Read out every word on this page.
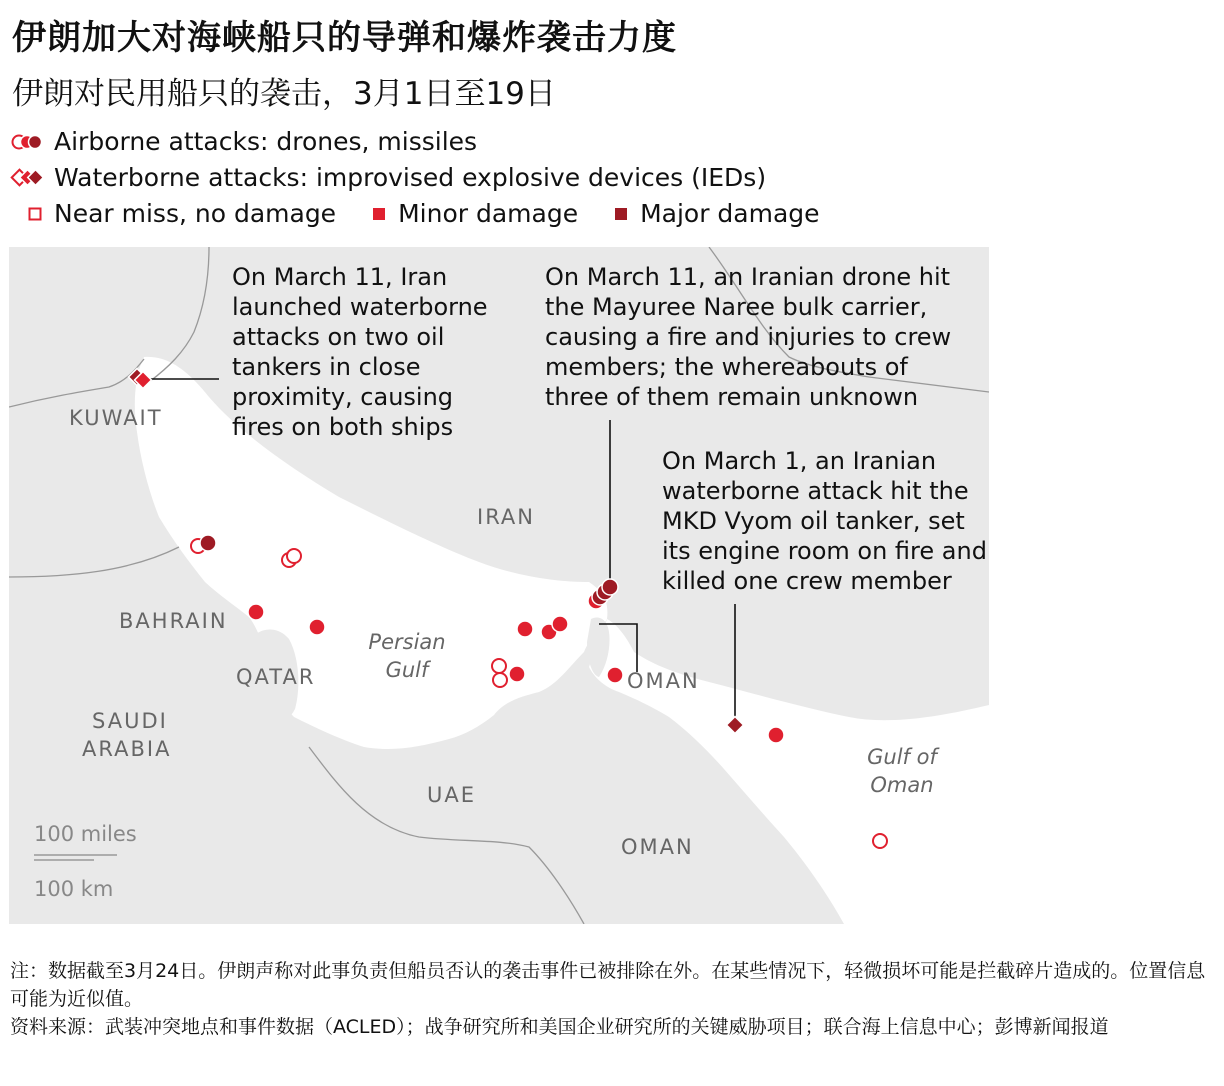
伊朗加大对海峡船只的导弹和爆炸袭击力度
伊朗对民用船只的袭击，3月1日至19日
Airborne attacks: drones, missiles
Waterborne attacks: improvised explosive devices (IEDs)
Near miss, no damage Minor damage Major damage
KUWAIT
IRAN
BAHRAIN
QATAR
SAUDI
ARABIA
UAE
OMAN
OMAN
Persian
Gulf
Gulf of
Oman
100 miles
100 km
On March 11, Iran
launched waterborne
attacks on two oil
tankers in close
proximity, causing
fires on both ships
On March 11, an Iranian drone hit
the Mayuree Naree bulk carrier,
causing a fire and injuries to crew
members; the whereabouts of
three of them remain unknown
On March 1, an Iranian
waterborne attack hit the
MKD Vyom oil tanker, set
its engine room on fire and
killed one crew member

注：数据截至3月24日。伊朗声称对此事负责但船员否认的袭击事件已被排除在外。在某些情况下，轻微损坏可能是拦截碎片造成的。位置信息可能为近似值。

资料来源：武装冲突地点和事件数据（ACLED）；战争研究所和美国企业研究所的关键威胁项目；联合海上信息中心；彭博新闻报道
